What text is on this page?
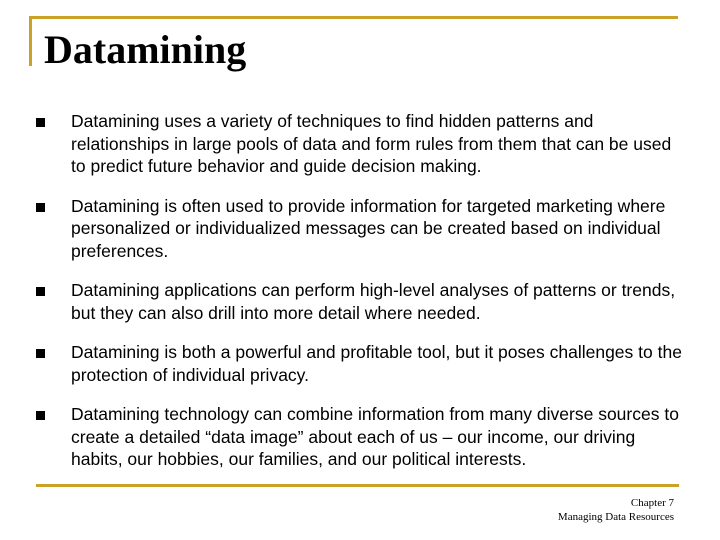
Datamining
Datamining uses a variety of techniques to find hidden patterns and relationships in large pools of data and form rules from them that can be used to predict future behavior and guide decision making.
Datamining is often used to provide information for targeted marketing where personalized or individualized messages can be created based on individual preferences.
Datamining applications can perform high-level analyses of patterns or trends, but they can also drill into more detail where needed.
Datamining is both a powerful and profitable tool, but it poses challenges to the protection of individual privacy.
Datamining technology can combine information from many diverse sources to create a detailed “data image” about each of us – our income, our driving habits, our hobbies, our families, and our political interests.
Chapter 7
Managing Data Resources
